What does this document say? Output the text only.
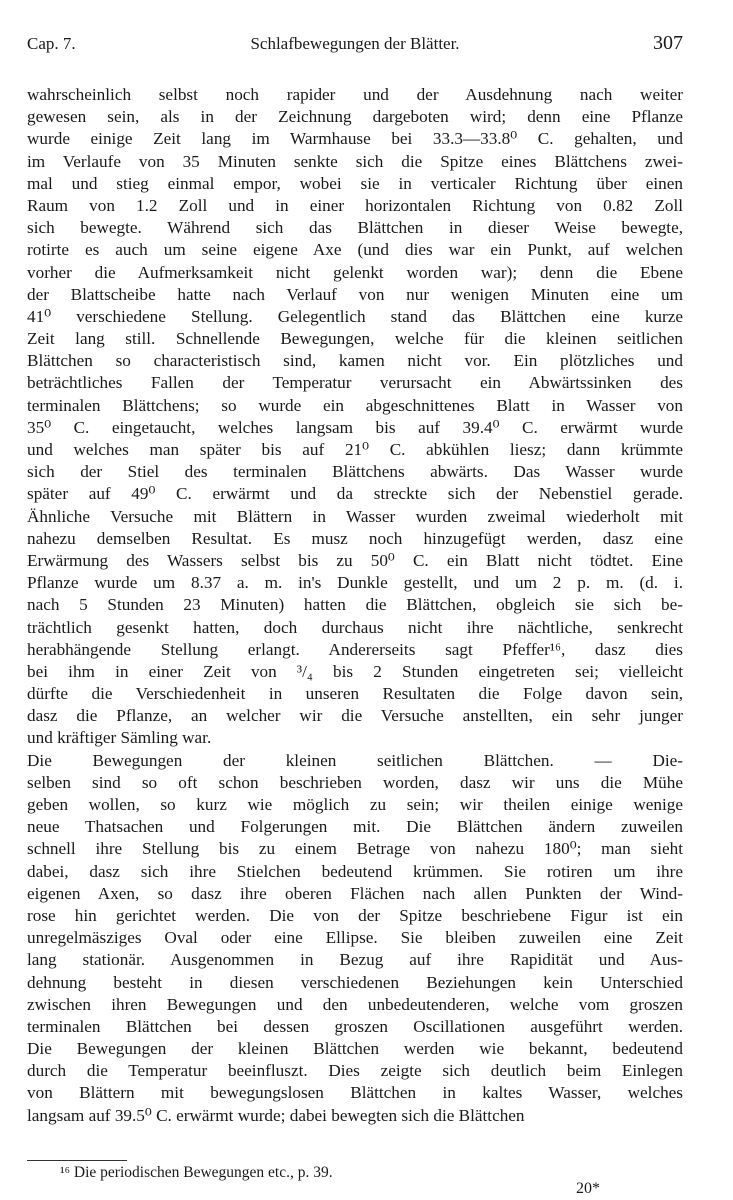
Cap. 7.	Schlafbewegungen der Blätter.	307
wahrscheinlich selbst noch rapider und der Ausdehnung nach weiter
gewesen sein, als in der Zeichnung dargeboten wird; denn eine Pflanze
wurde einige Zeit lang im Warmhause bei 33.3—33.8⁰ C. gehalten, und
im Verlaufe von 35 Minuten senkte sich die Spitze eines Blättchens zwei-
mal und stieg einmal empor, wobei sie in verticaler Richtung über einen
Raum von 1.2 Zoll und in einer horizontalen Richtung von 0.82 Zoll
sich bewegte. Während sich das Blättchen in dieser Weise bewegte,
rotirte es auch um seine eigene Axe (und dies war ein Punkt, auf welchen
vorher die Aufmerksamkeit nicht gelenkt worden war); denn die Ebene
der Blattscheibe hatte nach Verlauf von nur wenigen Minuten eine um
41⁰ verschiedene Stellung. Gelegentlich stand das Blättchen eine kurze
Zeit lang still. Schnellende Bewegungen, welche für die kleinen seitlichen
Blättchen so characteristisch sind, kamen nicht vor. Ein plötzliches und
beträchtliches Fallen der Temperatur verursacht ein Abwärtssinken des
terminalen Blättchens; so wurde ein abgeschnittenes Blatt in Wasser von
35⁰ C. eingetaucht, welches langsam bis auf 39.4⁰ C. erwärmt wurde
und welches man später bis auf 21⁰ C. abkühlen liesz; dann krümmte
sich der Stiel des terminalen Blättchens abwärts. Das Wasser wurde
später auf 49⁰ C. erwärmt und da streckte sich der Nebenstiel gerade.
Ähnliche Versuche mit Blättern in Wasser wurden zweimal wiederholt mit
nahezu demselben Resultat. Es musz noch hinzugefügt werden, dasz eine
Erwärmung des Wassers selbst bis zu 50⁰ C. ein Blatt nicht tödtet. Eine
Pflanze wurde um 8.37 a. m. in's Dunkle gestellt, und um 2 p. m. (d. i.
nach 5 Stunden 23 Minuten) hatten die Blättchen, obgleich sie sich be-
trächtlich gesenkt hatten, doch durchaus nicht ihre nächtliche, senkrecht
herabhängende Stellung erlangt. Andererseits sagt Pfeffer¹⁶, dasz dies
bei ihm in einer Zeit von ³/₄ bis 2 Stunden eingetreten sei; vielleicht
dürfte die Verschiedenheit in unseren Resultaten die Folge davon sein,
dasz die Pflanze, an welcher wir die Versuche anstellten, ein sehr junger
und kräftiger Sämling war.
Die Bewegungen der kleinen seitlichen Blättchen. — Die-
selben sind so oft schon beschrieben worden, dasz wir uns die Mühe
geben wollen, so kurz wie möglich zu sein; wir theilen einige wenige
neue Thatsachen und Folgerungen mit. Die Blättchen ändern zuweilen
schnell ihre Stellung bis zu einem Betrage von nahezu 180⁰; man sieht
dabei, dasz sich ihre Stielchen bedeutend krümmen. Sie rotiren um ihre
eigenen Axen, so dasz ihre oberen Flächen nach allen Punkten der Wind-
rose hin gerichtet werden. Die von der Spitze beschriebene Figur ist ein
unregelmäsziges Oval oder eine Ellipse. Sie bleiben zuweilen eine Zeit
lang stationär. Ausgenommen in Bezug auf ihre Rapidität und Aus-
dehnung besteht in diesen verschiedenen Beziehungen kein Unterschied
zwischen ihren Bewegungen und den unbedeutenderen, welche vom groszen
terminalen Blättchen bei dessen groszen Oscillationen ausgeführt werden.
Die Bewegungen der kleinen Blättchen werden wie bekannt, bedeutend
durch die Temperatur beeinfluszt. Dies zeigte sich deutlich beim Einlegen
von Blättern mit bewegungslosen Blättchen in kaltes Wasser, welches
langsam auf 39.5⁰ C. erwärmt wurde; dabei bewegten sich die Blättchen
¹⁶ Die periodischen Bewegungen etc., p. 39.
20*
